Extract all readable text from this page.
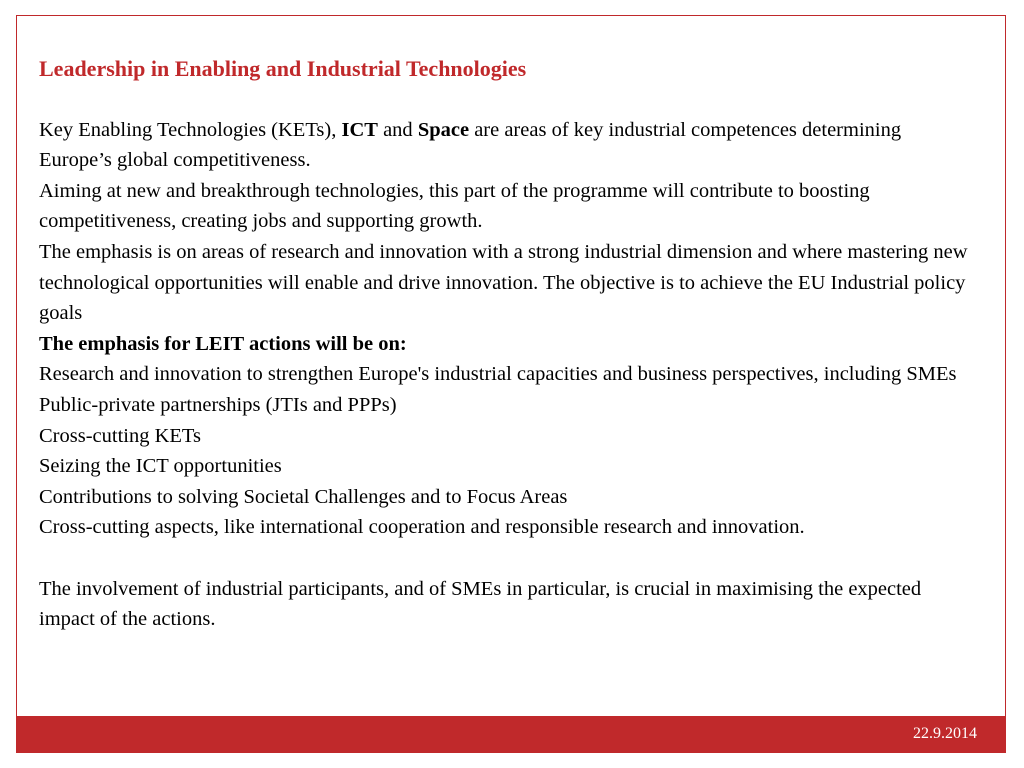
Leadership in Enabling and Industrial Technologies

Key Enabling Technologies (KETs), ICT and Space are areas of key industrial competences determining Europe’s global competitiveness.

Aiming at new and breakthrough technologies, this part of the programme will contribute to boosting competitiveness, creating jobs and supporting growth.

The emphasis is on areas of research and innovation with a strong industrial dimension and where mastering new technological opportunities will enable and drive innovation. The objective is to achieve the EU Industrial policy goals

The emphasis for LEIT actions will be on:

Research and innovation to strengthen Europe's industrial capacities and business perspectives, including SMEs

Public-private partnerships (JTIs and PPPs)

Cross-cutting KETs

Seizing the ICT opportunities

Contributions to solving Societal Challenges and to Focus Areas

Cross-cutting aspects, like international cooperation and responsible research and innovation.

The involvement of industrial participants, and of SMEs in particular, is crucial in maximising the expected impact of the actions.

22.9.2014
